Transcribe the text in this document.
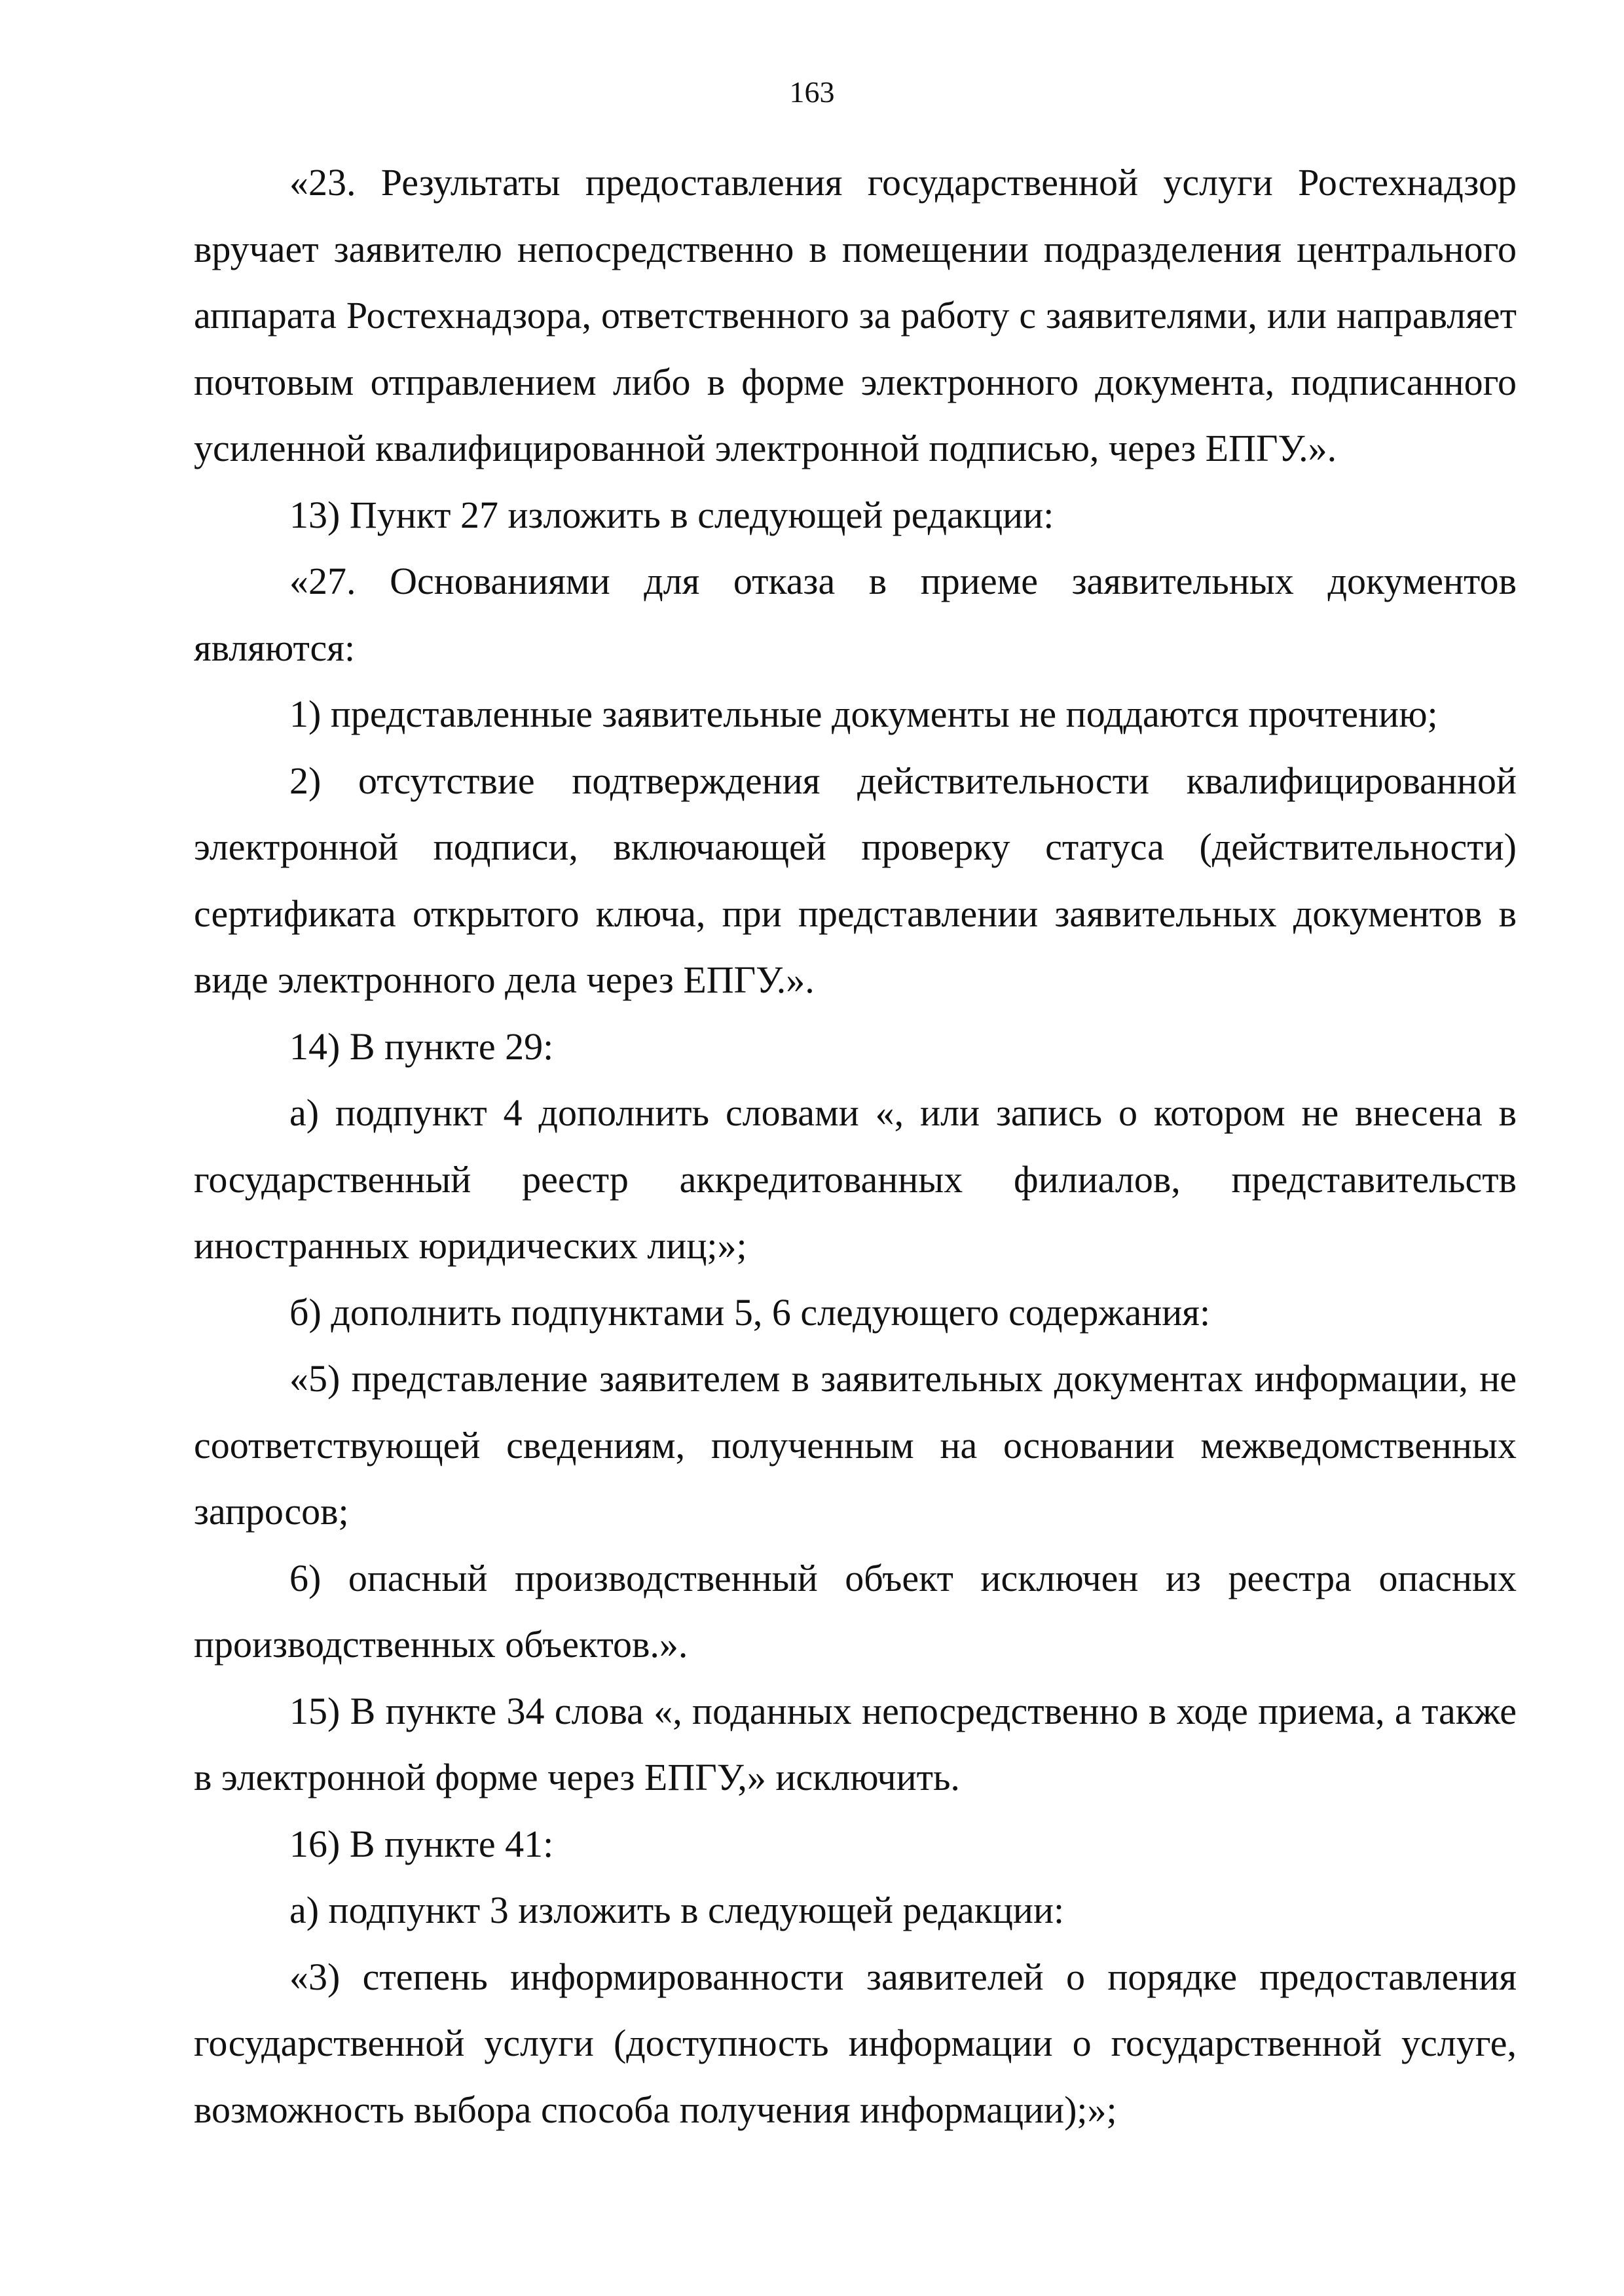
163

«23. Результаты предоставления государственной услуги Ростехнадзор вручает заявителю непосредственно в помещении подразделения центрального аппарата Ростехнадзора, ответственного за работу с заявителями, или направляет почтовым отправлением либо в форме электронного документа, подписанного усиленной квалифицированной электронной подписью, через ЕПГУ.».

13) Пункт 27 изложить в следующей редакции:

«27. Основаниями для отказа в приеме заявительных документов являются:

1) представленные заявительные документы не поддаются прочтению;

2) отсутствие подтверждения действительности квалифицированной электронной подписи, включающей проверку статуса (действительности) сертификата открытого ключа, при представлении заявительных документов в виде электронного дела через ЕПГУ.».

14) В пункте 29:

а) подпункт 4 дополнить словами «, или запись о котором не внесена в государственный реестр аккредитованных филиалов, представительств иностранных юридических лиц;»;

б) дополнить подпунктами 5, 6 следующего содержания:

«5) представление заявителем в заявительных документах информации, не соответствующей сведениям, полученным на основании межведомственных запросов;

6) опасный производственный объект исключен из реестра опасных производственных объектов.».

15) В пункте 34 слова «, поданных непосредственно в ходе приема, а также в электронной форме через ЕПГУ,» исключить.

16) В пункте 41:

а) подпункт 3 изложить в следующей редакции:

«3) степень информированности заявителей о порядке предоставления государственной услуги (доступность информации о государственной услуге, возможность выбора способа получения информации);»;
